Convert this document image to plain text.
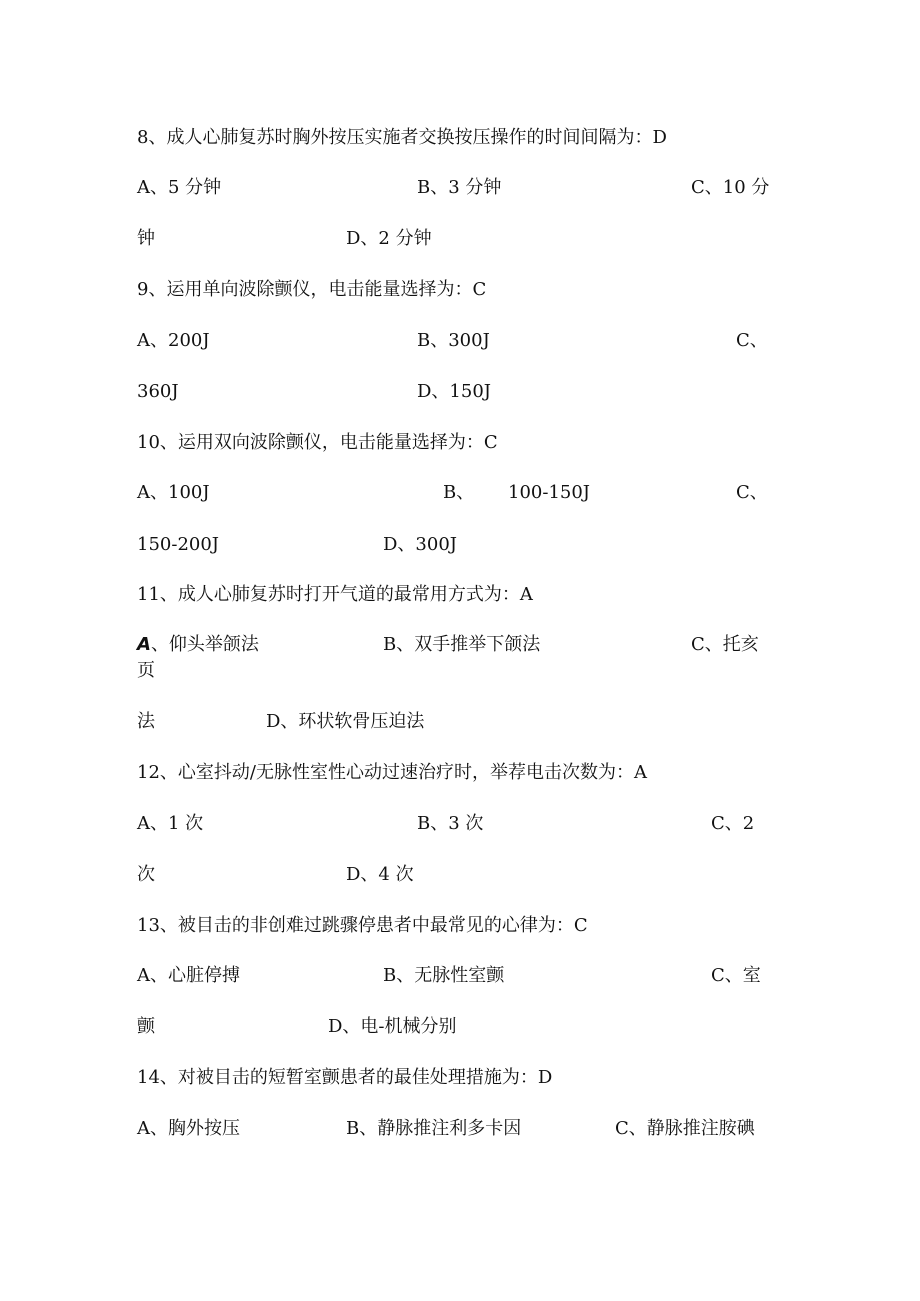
8、成人心肺复苏时胸外按压实施者交换按压操作的时间间隔为：D
A、5 分钟	B、3 分钟	C、10 分
钟	D、2 分钟
9、运用单向波除颤仪，电击能量选择为：C
A、200J	B、300J	C、
360J	D、150J
10、运用双向波除颤仪，电击能量选择为：C
A、100J	B、 100-150J	C、
150-200J	D、300J
11、成人心肺复苏时打开气道的最常用方式为：A
A、仰头举颌法	B、双手推举下颌法	C、托亥
页
法	D、环状软骨压迫法
12、心室抖动/无脉性室性心动过速治疗时，举荐电击次数为：A
A、1 次	B、3 次	C、2
次	D、4 次
13、被目击的非创难过跳骤停患者中最常见的心律为：C
A、心脏停搏	B、无脉性室颤	C、室
颤	D、电-机械分别
14、对被目击的短暂室颤患者的最佳处理措施为：D
A、胸外按压	B、静脉推注利多卡因	C、静脉推注胺碘
